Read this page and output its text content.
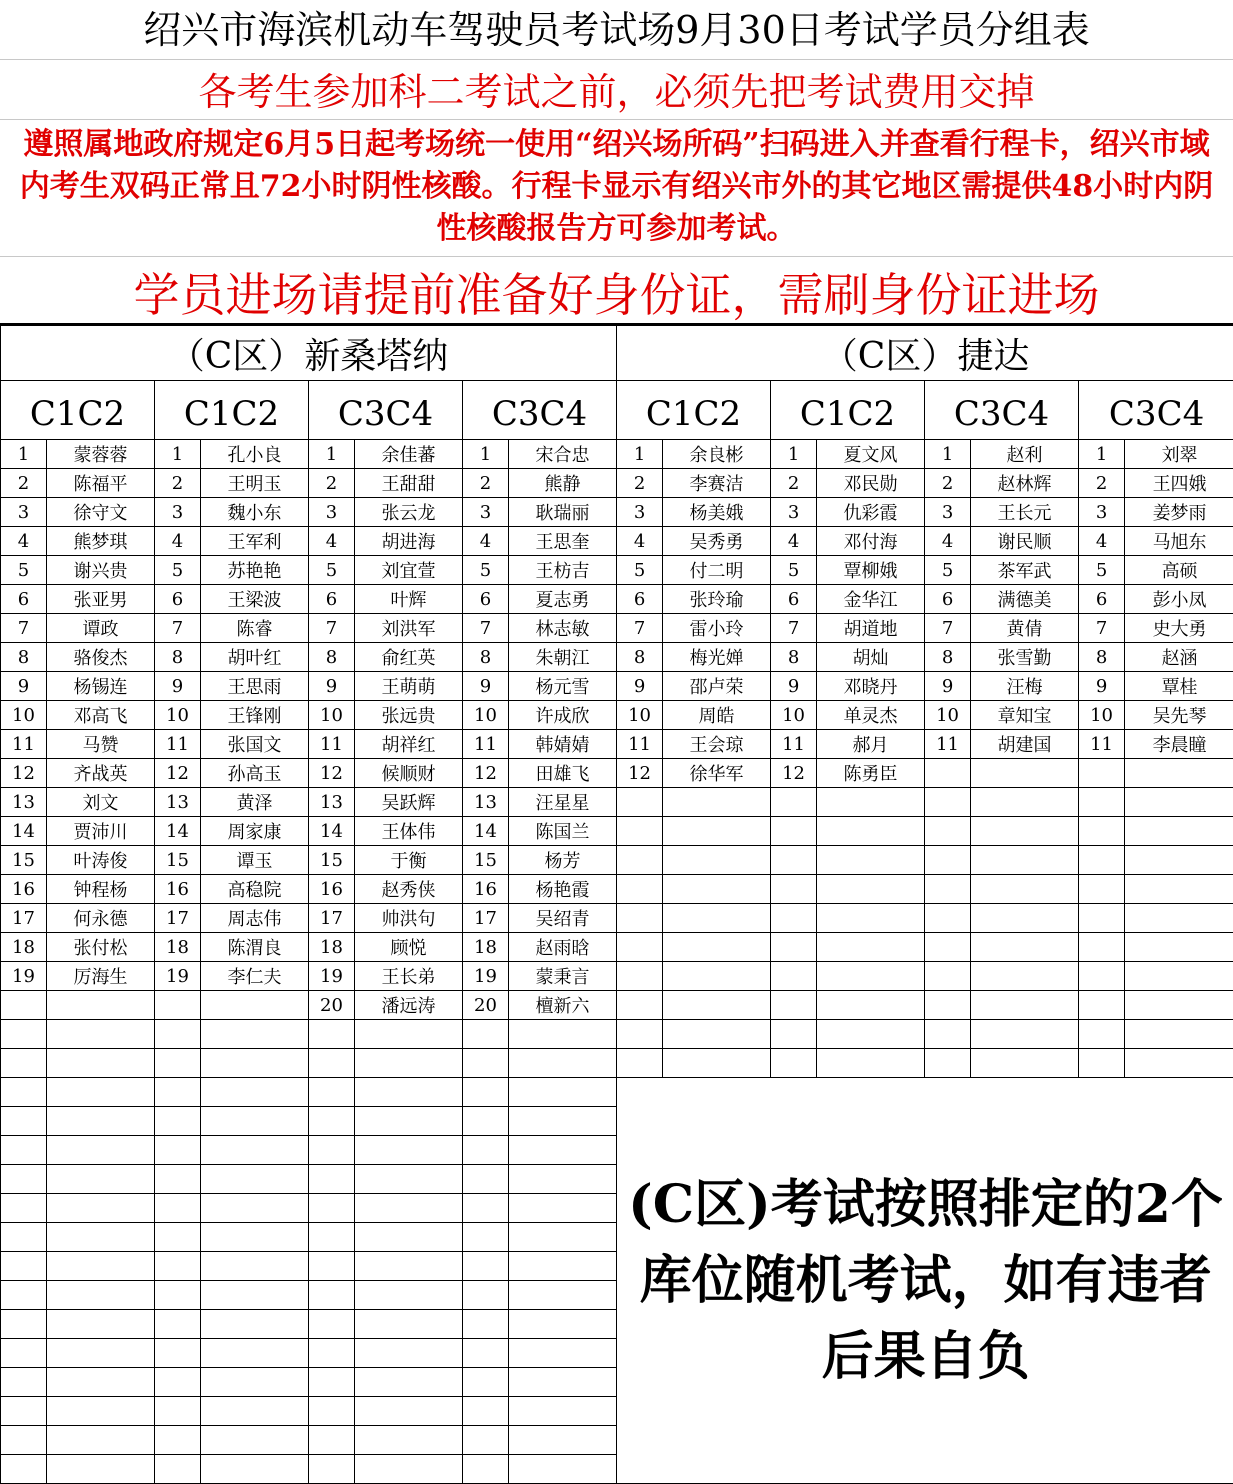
绍兴市海滨机动车驾驶员考试场9月30日考试学员分组表
各考生参加科二考试之前，必须先把考试费用交掉
遵照属地政府规定6月5日起考场统一使用“绍兴场所码”扫码进入并查看行程卡，绍兴市域内考生双码正常且72小时阴性核酸。行程卡显示有绍兴市外的其它地区需提供48小时内阴性核酸报告方可参加考试。
学员进场请提前准备好身份证，需刷身份证进场
（C区）新桑塔纳								（C区）捷达							
C1C2		C1C2		C3C4		C3C4		C1C2		C1C2		C3C4		C3C4	
1	蒙蓉蓉	1	孔小良	1	余佳蕃	1	宋合忠	1	余良彬	1	夏文风	1	赵利	1	刘翠
2	陈福平	2	王明玉	2	王甜甜	2	熊静	2	李赛洁	2	邓民勋	2	赵林辉	2	王四娥
3	徐守文	3	魏小东	3	张云龙	3	耿瑞丽	3	杨美娥	3	仇彩霞	3	王长元	3	姜梦雨
4	熊梦琪	4	王军利	4	胡进海	4	王思奎	4	吴秀勇	4	邓付海	4	谢民顺	4	马旭东
5	谢兴贵	5	苏艳艳	5	刘宜萱	5	王枋吉	5	付二明	5	覃柳娥	5	茶军武	5	高硕
6	张亚男	6	王梁波	6	叶辉	6	夏志勇	6	张玲瑜	6	金华江	6	满德美	6	彭小凤
7	谭政	7	陈睿	7	刘洪军	7	林志敏	7	雷小玲	7	胡道地	7	黄倩	7	史大勇
8	骆俊杰	8	胡叶红	8	俞红英	8	朱朝江	8	梅光婵	8	胡灿	8	张雪勤	8	赵涵
9	杨锡连	9	王思雨	9	王萌萌	9	杨元雪	9	邵卢荣	9	邓晓丹	9	汪梅	9	覃桂
10	邓高飞	10	王锋刚	10	张远贵	10	许成欣	10	周皓	10	单灵杰	10	章知宝	10	吴先琴
11	马赞	11	张国文	11	胡祥红	11	韩婧婧	11	王会琼	11	郝月	11	胡建国	11	李晨瞳
12	齐战英	12	孙高玉	12	候顺财	12	田雄飞	12	徐华军	12	陈勇臣				
13	刘文	13	黄泽	13	吴跃辉	13	汪星星								
14	贾沛川	14	周家康	14	王体伟	14	陈国兰								
15	叶涛俊	15	谭玉	15	于衡	15	杨芳								
16	钟程杨	16	高稳院	16	赵秀侠	16	杨艳霞								
17	何永德	17	周志伟	17	帅洪句	17	吴绍青								
18	张付松	18	陈渭良	18	顾悦	18	赵雨晗								
19	厉海生	19	李仁夫	19	王长弟	19	蒙秉言								
				20	潘远涛	20	檀新六								

								(C区)考试按照排定的2个库位随机考试，如有违者后果自负							
